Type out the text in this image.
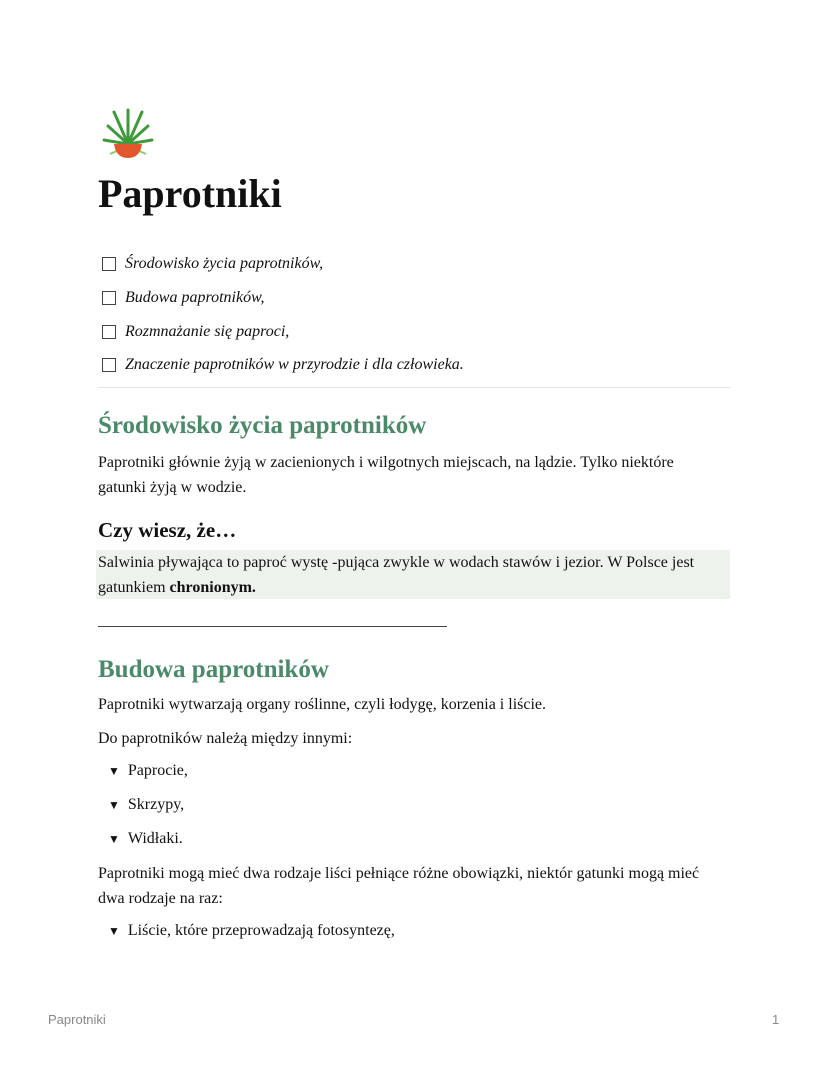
Paprotniki
Środowisko życia paprotników,
Budowa paprotników,
Rozmnażanie się paproci,
Znaczenie paprotników w przyrodzie i dla człowieka.
Środowisko życia paprotników

Paprotniki głównie żyją w zacienionych i wilgotnych miejscach, na lądzie. Tylko niektóre gatunki żyją w wodzie.

Czy wiesz, że…

Salwinia pływająca to paproć wystę -pująca zwykle w wodach stawów i jezior. W Polsce jest gatunkiem chronionym.

Budowa paprotników

Paprotniki wytwarzają organy roślinne, czyli łodygę, korzenia i liście.

Do paprotników należą między innymi:

▼ Paprocie,
▼ Skrzypy,
▼ Widłaki.

Paprotniki mogą mieć dwa rodzaje liści pełniące różne obowiązki, niektór gatunki mogą mieć dwa rodzaje na raz:

▼ Liście, które przeprowadzają fotosyntezę,
Paprotniki	1
